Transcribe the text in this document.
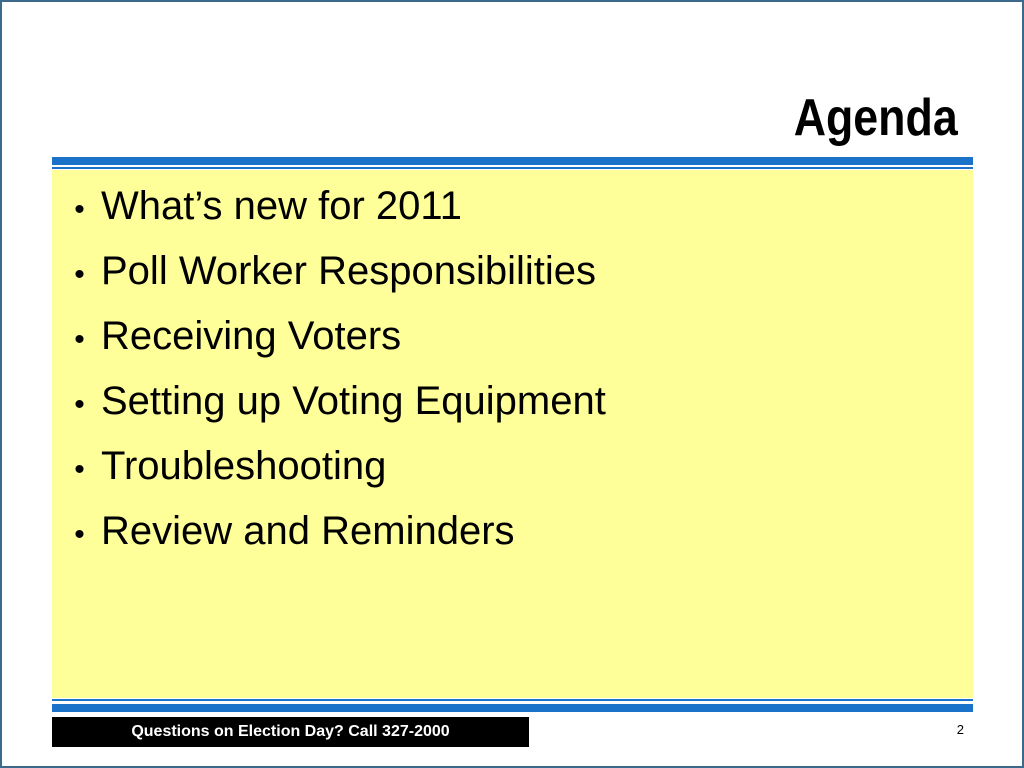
Agenda
• What’s new for 2011
• Poll Worker Responsibilities
• Receiving Voters
• Setting up Voting Equipment
• Troubleshooting
• Review and Reminders
Questions on Election Day? Call 327-2000	2
